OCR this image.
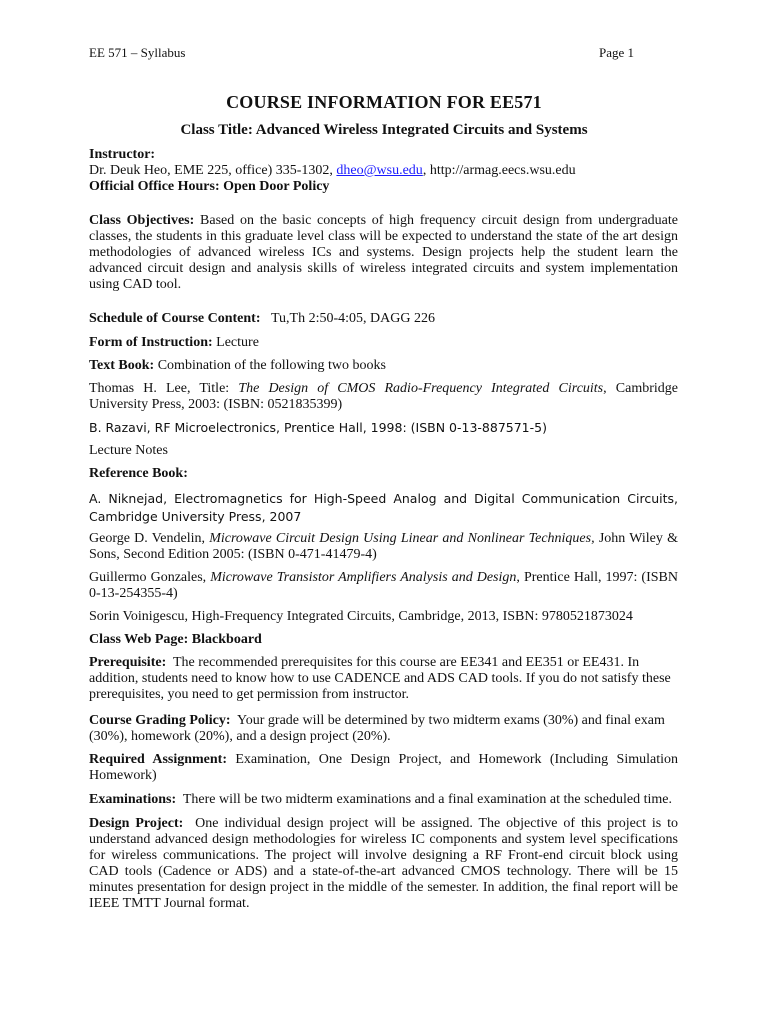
EE 571 – Syllabus	Page 1
COURSE INFORMATION FOR EE571
Class Title: Advanced Wireless Integrated Circuits and Systems

Instructor:

Dr. Deuk Heo, EME 225, office) 335-1302, dheo@wsu.edu, http://armag.eecs.wsu.edu

Official Office Hours: Open Door Policy

Class Objectives: Based on the basic concepts of high frequency circuit design from undergraduate classes, the students in this graduate level class will be expected to understand the state of the art design methodologies of advanced wireless ICs and systems. Design projects help the student learn the advanced circuit design and analysis skills of wireless integrated circuits and system implementation using CAD tool.

Schedule of Course Content: Tu,Th 2:50-4:05, DAGG 226

Form of Instruction: Lecture

Text Book: Combination of the following two books

Thomas H. Lee, Title: The Design of CMOS Radio-Frequency Integrated Circuits, Cambridge University Press, 2003: (ISBN: 0521835399)

B. Razavi, RF Microelectronics, Prentice Hall, 1998: (ISBN 0-13-887571-5)

Lecture Notes

Reference Book:

A. Niknejad, Electromagnetics for High-Speed Analog and Digital Communication Circuits, Cambridge University Press, 2007

George D. Vendelin, Microwave Circuit Design Using Linear and Nonlinear Techniques, John Wiley & Sons, Second Edition 2005: (ISBN 0-471-41479-4)

Guillermo Gonzales, Microwave Transistor Amplifiers Analysis and Design, Prentice Hall, 1997: (ISBN 0-13-254355-4)

Sorin Voinigescu, High-Frequency Integrated Circuits, Cambridge, 2013, ISBN: 9780521873024

Class Web Page: Blackboard

Prerequisite: The recommended prerequisites for this course are EE341 and EE351 or EE431. In addition, students need to know how to use CADENCE and ADS CAD tools. If you do not satisfy these prerequisites, you need to get permission from instructor.

Course Grading Policy: Your grade will be determined by two midterm exams (30%) and final exam (30%), homework (20%), and a design project (20%).

Required Assignment: Examination, One Design Project, and Homework (Including Simulation Homework)

Examinations: There will be two midterm examinations and a final examination at the scheduled time.

Design Project: One individual design project will be assigned. The objective of this project is to understand advanced design methodologies for wireless IC components and system level specifications for wireless communications. The project will involve designing a RF Front-end circuit block using CAD tools (Cadence or ADS) and a state-of-the-art advanced CMOS technology. There will be 15 minutes presentation for design project in the middle of the semester. In addition, the final report will be IEEE TMTT Journal format.
